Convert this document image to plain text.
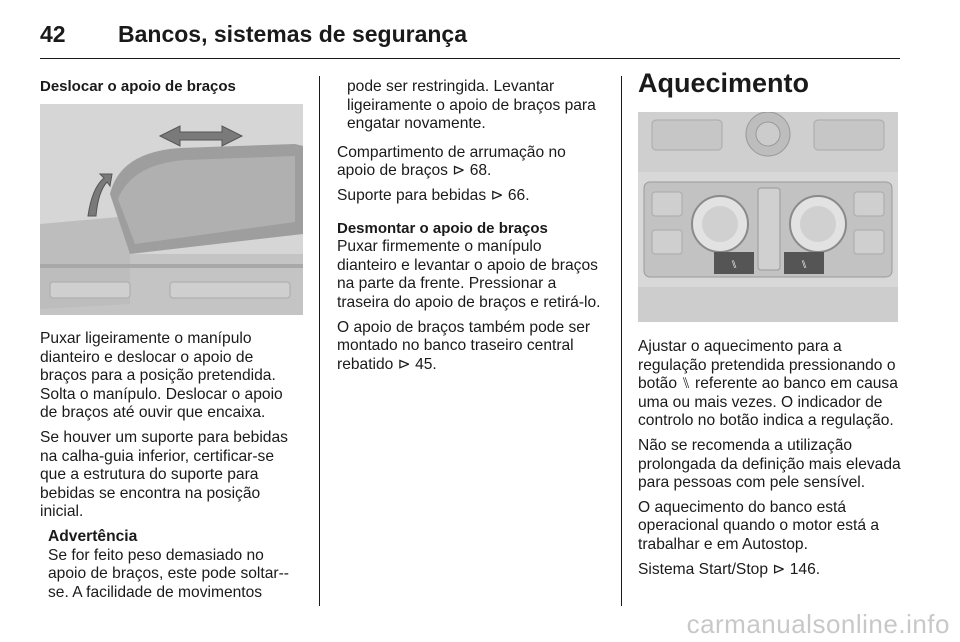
42	Bancos, sistemas de segurança

Deslocar o apoio de braços

Puxar ligeiramente o manípulo dianteiro e deslocar o apoio de braços para a posição pretendida. Solta o manípulo. Deslocar o apoio de braços até ouvir que encaixa.

Se houver um suporte para bebidas na calha-guia inferior, certificar-se que a estrutura do suporte para bebidas se encontra na posição inicial.

Advertência
Se for feito peso demasiado no apoio de braços, este pode soltar--se. A facilidade de movimentos

pode ser restringida. Levantar ligeiramente o apoio de braços para engatar novamente.

Compartimento de arrumação no apoio de braços ⊳ 68.

Suporte para bebidas ⊳ 66.

Desmontar o apoio de braços

Puxar firmemente o manípulo dianteiro e levantar o apoio de braços na parte da frente. Pressionar a traseira do apoio de braços e retirá-lo.

O apoio de braços também pode ser montado no banco traseiro central rebatido ⊳ 45.

Aquecimento
⑊	⑊

Ajustar o aquecimento para a regulação pretendida pressionando o botão ⑊ referente ao banco em causa uma ou mais vezes. O indicador de controlo no botão indica a regulação.

Não se recomenda a utilização prolongada da definição mais elevada para pessoas com pele sensível.

O aquecimento do banco está operacional quando o motor está a trabalhar e em Autostop.

Sistema Start/Stop ⊳ 146.

carmanualsonline.info
